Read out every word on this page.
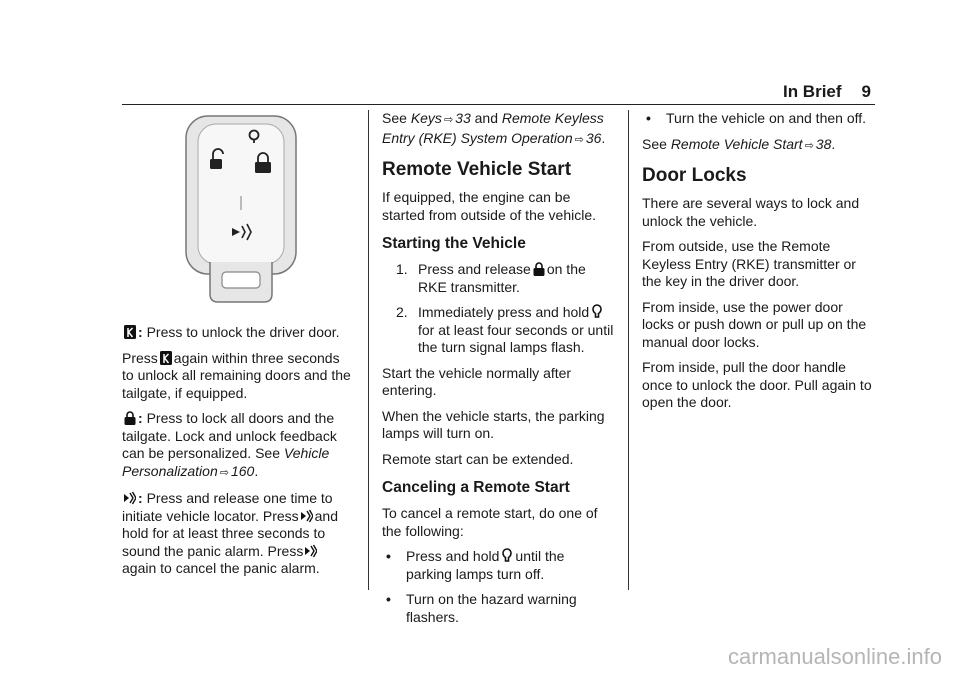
In Brief 9

: Press to unlock the driver door.

Press again within three seconds to unlock all remaining doors and the tailgate, if equipped.

: Press to lock all doors and the tailgate. Lock and unlock feedback can be personalized. See Vehicle Personalization ⇨ 160.

: Press and release one time to initiate vehicle locator. Press and hold for at least three seconds to sound the panic alarm. Press again to cancel the panic alarm.

See Keys ⇨ 33 and Remote Keyless Entry (RKE) System Operation ⇨ 36.

Remote Vehicle Start

If equipped, the engine can be started from outside of the vehicle.

Starting the Vehicle
1. Press and release on the RKE transmitter.
2. Immediately press and hold for at least four seconds or until the turn signal lamps flash.

Start the vehicle normally after entering.

When the vehicle starts, the parking lamps will turn on.

Remote start can be extended.

Canceling a Remote Start

To cancel a remote start, do one of the following:

• Press and hold until the parking lamps turn off.
• Turn on the hazard warning flashers.
• Turn the vehicle on and then off.

See Remote Vehicle Start ⇨ 38.

Door Locks

There are several ways to lock and unlock the vehicle.

From outside, use the Remote Keyless Entry (RKE) transmitter or the key in the driver door.

From inside, use the power door locks or push down or pull up on the manual door locks.

From inside, pull the door handle once to unlock the door. Pull again to open the door.

carmanualsonline.info
